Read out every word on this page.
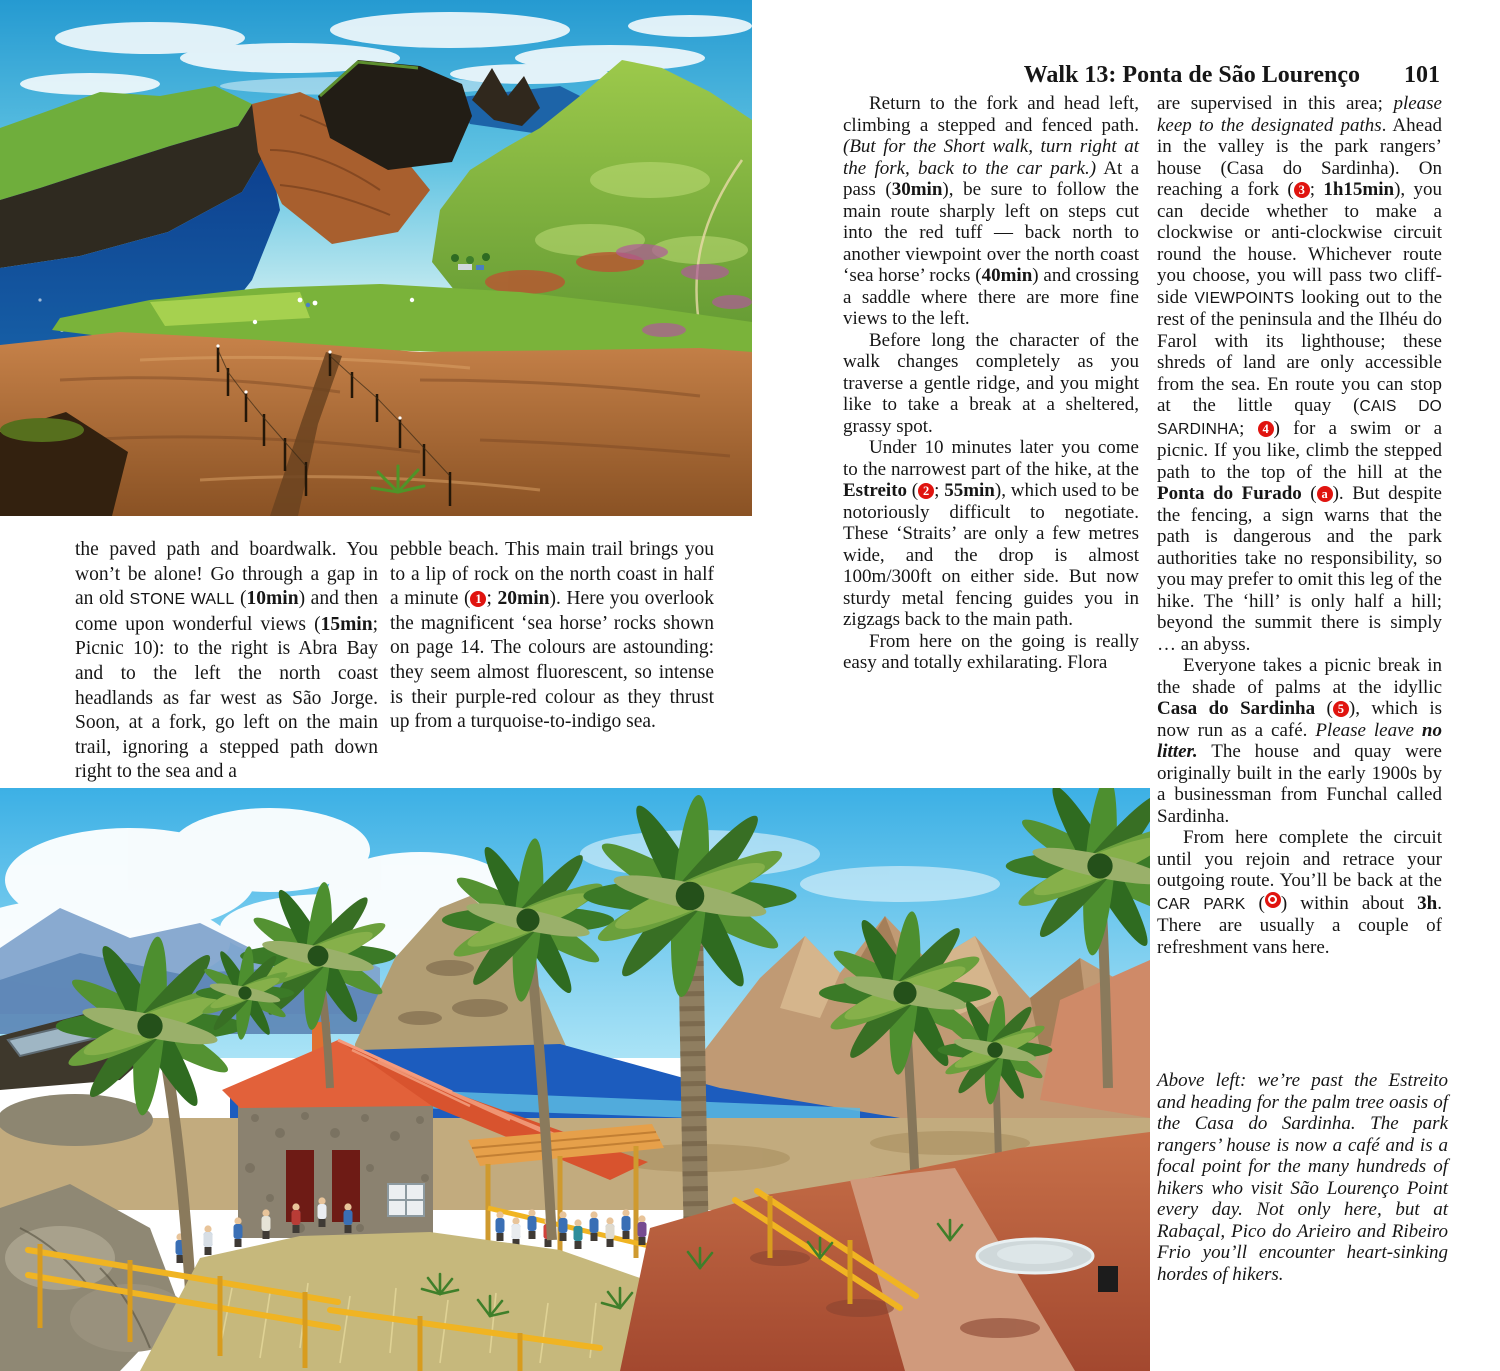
Walk 13: Ponta de São Lourenço 101

the paved path and boardwalk. You won’t be alone! Go through a gap in an old STONE WALL (10min) and then come upon wonderful views (15min; Picnic 10): to the right is Abra Bay and to the left the north coast headlands as far west as São Jorge. Soon, at a fork, go left on the main trail, ignoring a stepped path down right to the sea and a

pebble beach. This main trail brings you to a lip of rock on the north coast in half a minute ( 1 ; 20min). Here you overlook the magnificent ‘sea horse’ rocks shown on page 14. The colours are astounding: they seem almost fluorescent, so intense is their purple-red colour as they thrust up from a turquoise-to-indigo sea.

Return to the fork and head left, climbing a stepped and fenced path. (But for the Short walk, turn right at the fork, back to the car park.) At a pass (30min), be sure to follow the main route sharply left on steps cut into the red tuff — back north to another viewpoint over the north coast ‘sea horse’ rocks (40min) and crossing a saddle where there are more fine views to the left.

Before long the character of the walk changes completely as you traverse a gentle ridge, and you might like to take a break at a sheltered, grassy spot.

Under 10 minutes later you come to the narrowest part of the hike, at the Estreito ( 2 ; 55min), which used to be notoriously difficult to negotiate. These ‘Straits’ are only a few metres wide, and the drop is almost 100m/300ft on either side. But now sturdy metal fencing guides you in zigzags back to the main path.

From here on the going is really easy and totally exhilarating. Flora

are supervised in this area; please keep to the designated paths. Ahead in the valley is the park rangers’ house (Casa do Sardinha). On reaching a fork ( 3 ; 1h15min), you can decide whether to make a clockwise or anti-clockwise circuit round the house. Whichever route you choose, you will pass two cliff-side VIEWPOINTS looking out to the rest of the peninsula and the Ilhéu do Farol with its lighthouse; these shreds of land are only accessible from the sea. En route you can stop at the little quay (CAIS DO SARDINHA; 4 ) for a swim or a picnic. If you like, climb the stepped path to the top of the hill at the Ponta do Furado ( a ). But despite the fencing, a sign warns that the path is dangerous and the park authorities take no responsibility, so you may prefer to omit this leg of the hike. The ‘hill’ is only half a hill; beyond the summit there is simply … an abyss.

Everyone takes a picnic break in the shade of palms at the idyllic Casa do Sardinha ( 5 ), which is now run as a café. Please leave no litter. The house and quay were originally built in the early 1900s by a businessman from Funchal called Sardinha.

From here complete the circuit until you rejoin and retrace your outgoing route. You’ll be back at the CAR PARK ( ) within about 3h. There are usually a couple of refreshment vans here.

Above left: we’re past the Estreito and heading for the palm tree oasis of the Casa do Sardinha. The park rangers’ house is now a café and is a focal point for the many hundreds of hikers who visit São Lourenço Point every day. Not only here, but at Rabaçal, Pico do Arieiro and Ribeiro Frio you’ll encounter heart-sinking hordes of hikers.
